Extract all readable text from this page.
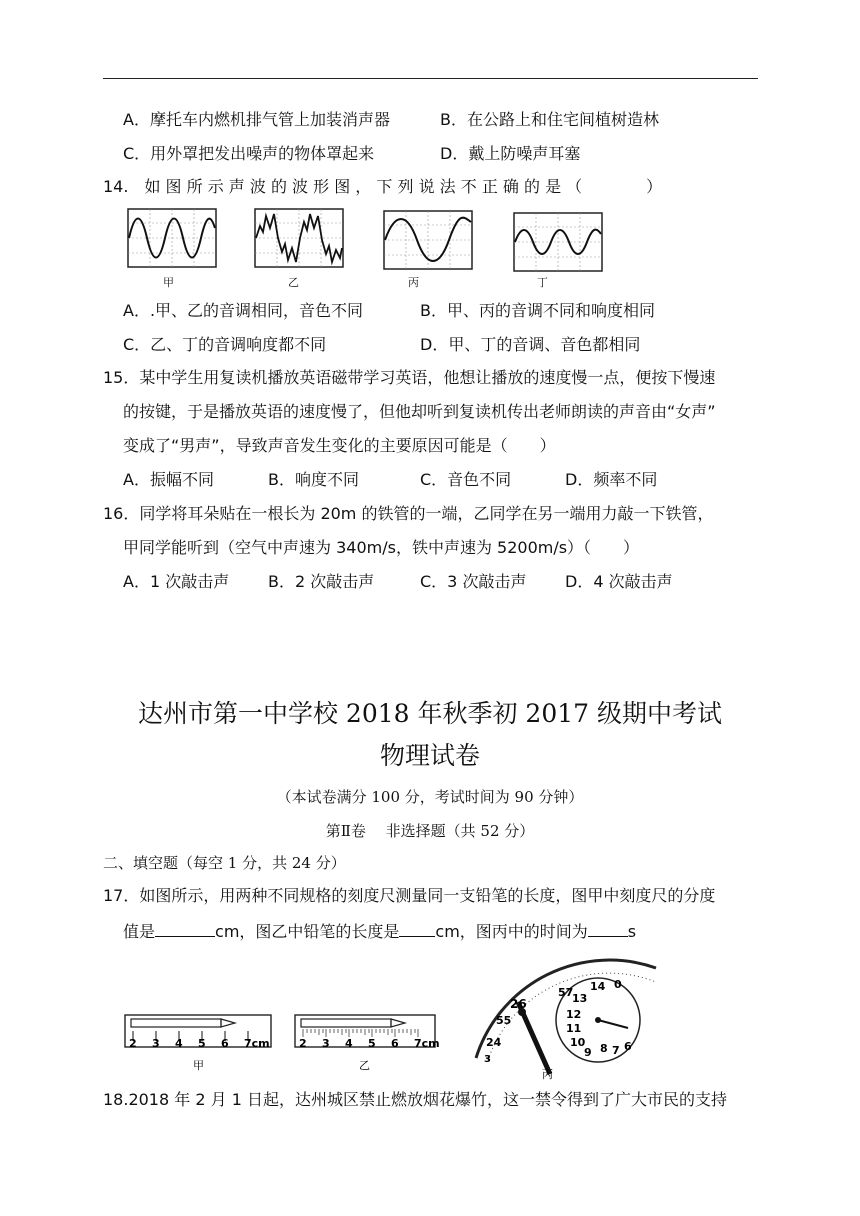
A．摩托车内燃机排气管上加装消声器	B．在公路上和住宅间植树造林
C．用外罩把发出噪声的物体罩起来	D．戴上防噪声耳塞
14.　如 图 所 示 声 波 的 波 形 图 ， 下 列 说 法 不 正 确 的 是 （　　　　）
甲	乙	丙	丁
A．.甲、乙的音调相同，音色不同	B．甲、丙的音调不同和响度相同
C．乙、丁的音调响度都不同	D．甲、丁的音调、音色都相同
15．某中学生用复读机播放英语磁带学习英语，他想让播放的速度慢一点，便按下慢速
的按键，于是播放英语的速度慢了，但他却听到复读机传出老师朗读的声音由“女声”
变成了“男声”，导致声音发生变化的主要原因可能是（　　）
A．振幅不同	B．响度不同	C．音色不同	D．频率不同
16．同学将耳朵贴在一根长为 20m 的铁管的一端，乙同学在另一端用力敲一下铁管，
甲同学能听到（空气中声速为 340m/s，铁中声速为 5200m/s）（　　）
A．1 次敲击声 B．2 次敲击声	C．3 次敲击声 D．4 次敲击声
达州市第一中学校 2018 年秋季初 2017 级期中考试
物理试卷
（本试卷满分 100 分，考试时间为 90 分钟）
第Ⅱ卷　 非选择题（共 52 分）
二、填空题（每空 1 分，共 24 分）
17．如图所示，用两种不同规格的刻度尺测量同一支铅笔的长度，图甲中刻度尺的分度
值是	cm，图乙中铅笔的长度是 cm，图丙中的时间为	s
2 3 4 5 6 7cm
甲
2 3 4 5 6 7cm
乙
57
26
55
24
3
13
14 0
12
11
10
9 8 7 6
丙
18.2018 年 2 月 1 日起，达州城区禁止燃放烟花爆竹，这一禁令得到了广大市民的支持
